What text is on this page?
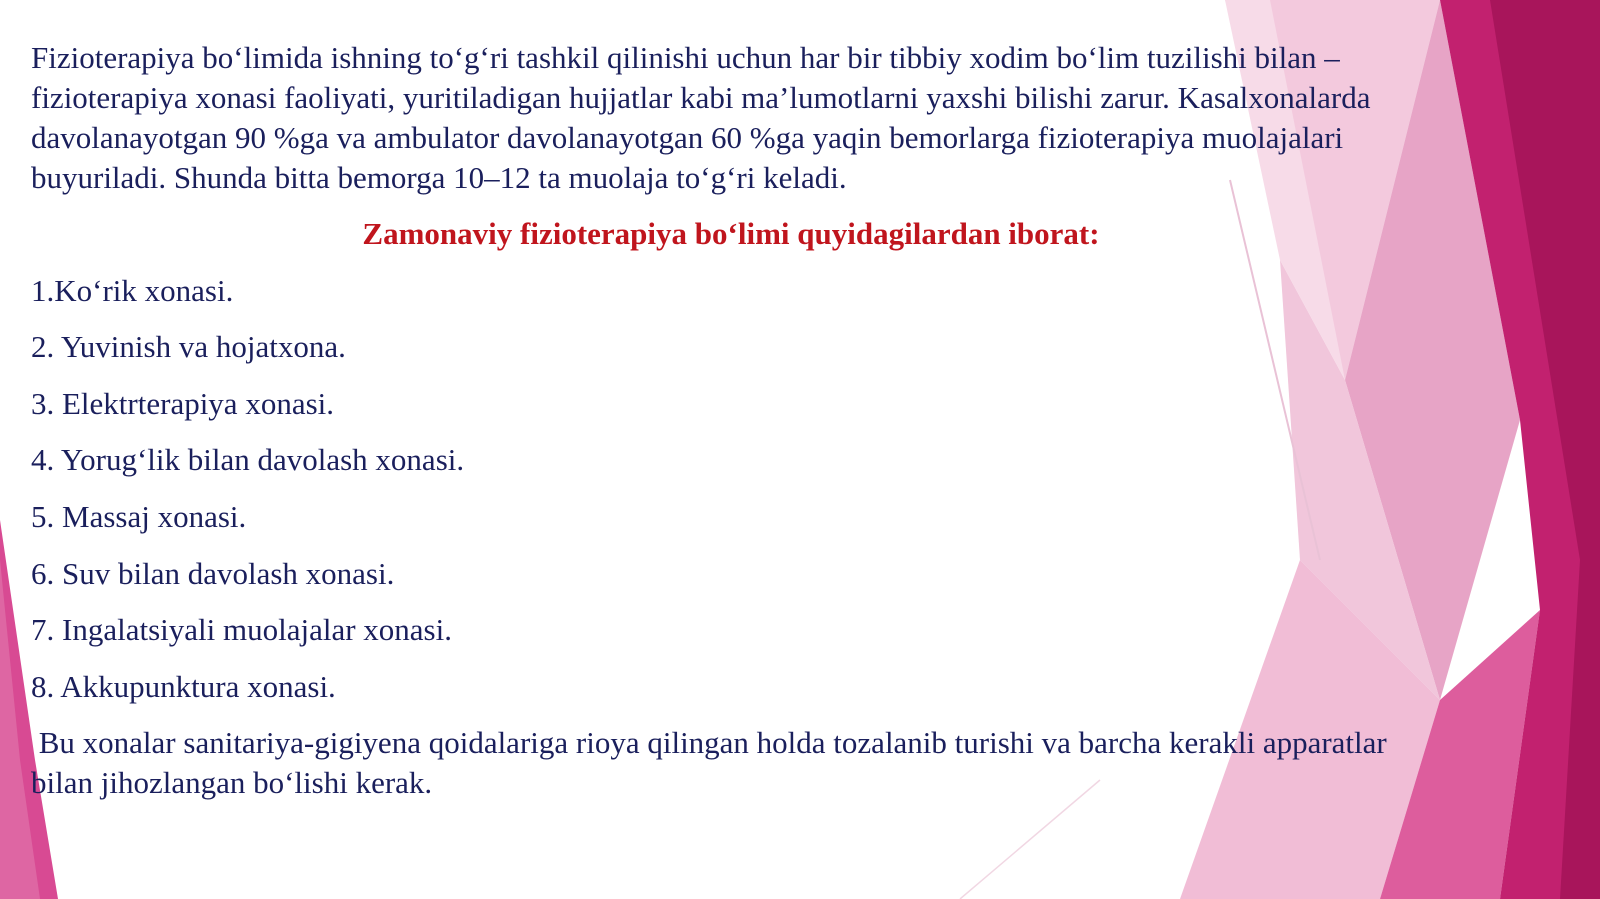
Fizioterapiya bo‘limida ishning to‘g‘ri tashkil qilinishi uchun har bir tibbiy xodim bo‘lim tuzilishi bilan – fizioterapiya xonasi faoliyati, yuritiladigan hujjatlar kabi ma’lumotlarni yaxshi bilishi zarur. Kasalxonalarda davolanayotgan 90 %ga va ambulator davolanayotgan 60 %ga yaqin bemorlarga fizioterapiya muolajalari buyuriladi. Shunda bitta bemorga 10–12 ta muolaja to‘g‘ri keladi.

Zamonaviy fizioterapiya bo‘limi quyidagilardan iborat:

1.Ko‘rik xonasi.
2. Yuvinish va hojatxona.
3. Elektrterapiya xonasi.
4. Yorug‘lik bilan davolash xonasi.
5. Massaj xonasi.
6. Suv bilan davolash xonasi.
7. Ingalatsiyali muolajalar xonasi.
8. Akkupunktura xonasi.

Bu xonalar sanitariya-gigiyena qoidalariga rioya qilingan holda tozalanib turishi va barcha kerakli apparatlar bilan jihozlangan bo‘lishi kerak.
